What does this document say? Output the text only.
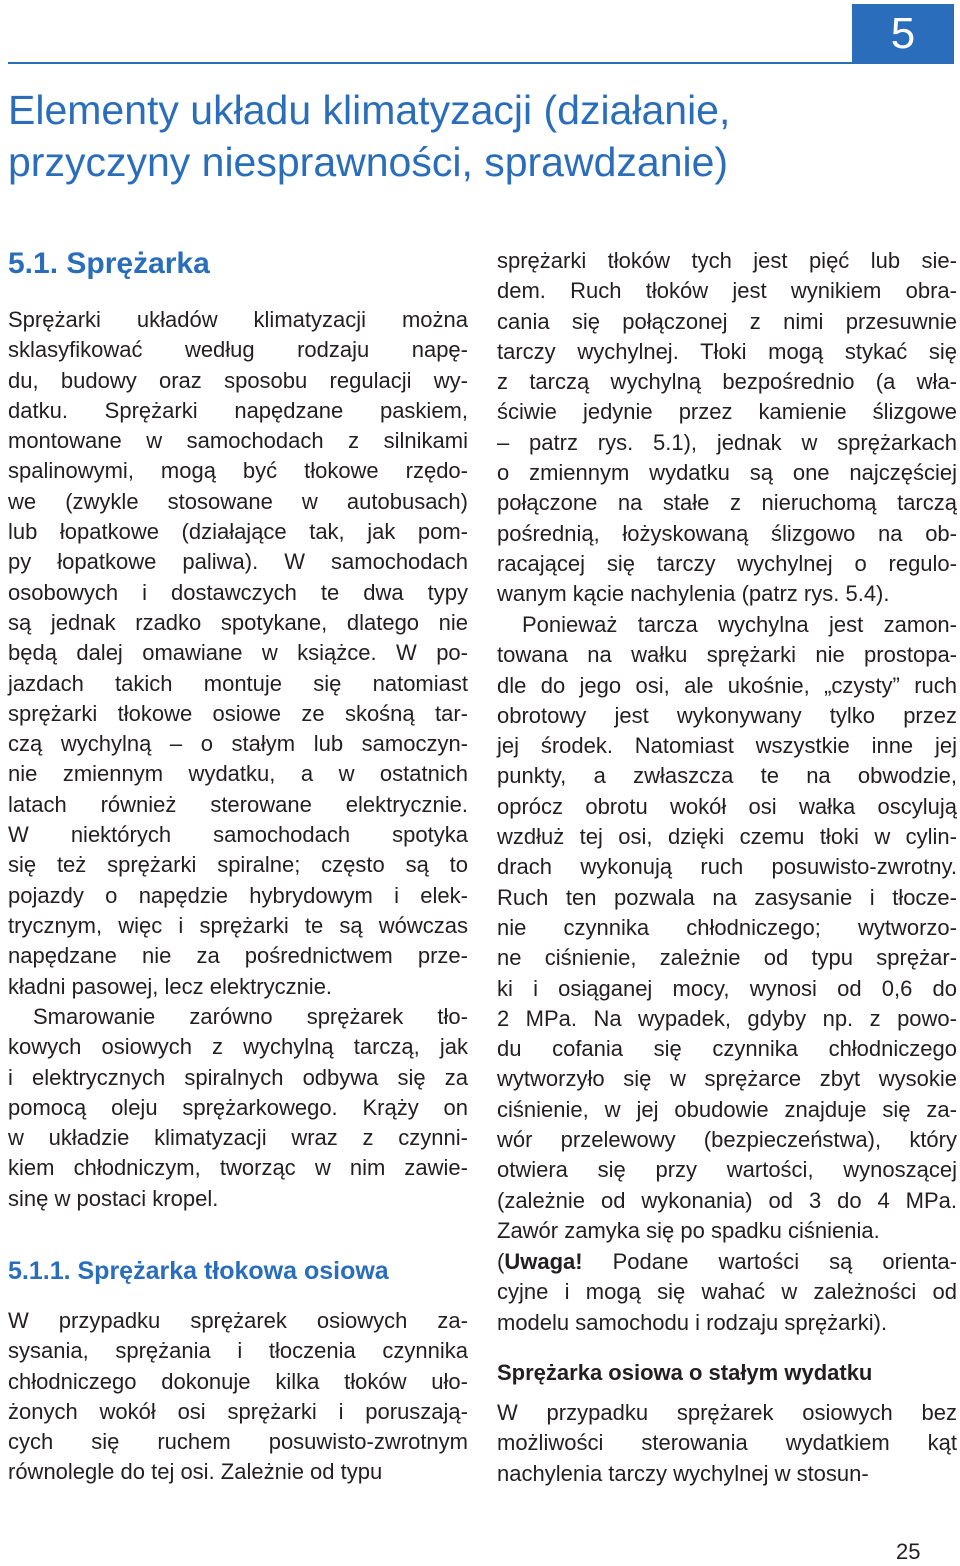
5
Elementy układu klimatyzacji (działanie,
przyczyny niesprawności, sprawdzanie)
5.1. Sprężarka
Sprężarki układów klimatyzacji można
sklasyfikować według rodzaju napę-
du, budowy oraz sposobu regulacji wy-
datku. Sprężarki napędzane paskiem,
montowane w samochodach z silnikami
spalinowymi, mogą być tłokowe rzędo-
we (zwykle stosowane w autobusach)
lub łopatkowe (działające tak, jak pom-
py łopatkowe paliwa). W samochodach
osobowych i dostawczych te dwa typy
są jednak rzadko spotykane, dlatego nie
będą dalej omawiane w książce. W po-
jazdach takich montuje się natomiast
sprężarki tłokowe osiowe ze skośną tar-
czą wychylną – o stałym lub samoczyn-
nie zmiennym wydatku, a w ostatnich
latach również sterowane elektrycznie.
W niektórych samochodach spotyka
się też sprężarki spiralne; często są to
pojazdy o napędzie hybrydowym i elek-
trycznym, więc i sprężarki te są wówczas
napędzane nie za pośrednictwem prze-
kładni pasowej, lecz elektrycznie.
Smarowanie zarówno sprężarek tło-
kowych osiowych z wychylną tarczą, jak
i elektrycznych spiralnych odbywa się za
pomocą oleju sprężarkowego. Krąży on
w układzie klimatyzacji wraz z czynni-
kiem chłodniczym, tworząc w nim zawie-
sinę w postaci kropel.
5.1.1. Sprężarka tłokowa osiowa
W przypadku sprężarek osiowych za-
sysania, sprężania i tłoczenia czynnika
chłodniczego dokonuje kilka tłoków uło-
żonych wokół osi sprężarki i poruszają-
cych się ruchem posuwisto-zwrotnym
równolegle do tej osi. Zależnie od typu
sprężarki tłoków tych jest pięć lub sie-
dem. Ruch tłoków jest wynikiem obra-
cania się połączonej z nimi przesuwnie
tarczy wychylnej. Tłoki mogą stykać się
z tarczą wychylną bezpośrednio (a wła-
ściwie jedynie przez kamienie ślizgowe
– patrz rys. 5.1), jednak w sprężarkach
o zmiennym wydatku są one najczęściej
połączone na stałe z nieruchomą tarczą
pośrednią, łożyskowaną ślizgowo na ob-
racającej się tarczy wychylnej o regulo-
wanym kącie nachylenia (patrz rys. 5.4).
Ponieważ tarcza wychylna jest zamon-
towana na wałku sprężarki nie prostopa-
dle do jego osi, ale ukośnie, „czysty” ruch
obrotowy jest wykonywany tylko przez
jej środek. Natomiast wszystkie inne jej
punkty, a zwłaszcza te na obwodzie,
oprócz obrotu wokół osi wałka oscylują
wzdłuż tej osi, dzięki czemu tłoki w cylin-
drach wykonują ruch posuwisto-zwrotny.
Ruch ten pozwala na zasysanie i tłocze-
nie czynnika chłodniczego; wytworzo-
ne ciśnienie, zależnie od typu sprężar-
ki i osiąganej mocy, wynosi od 0,6 do
2 MPa. Na wypadek, gdyby np. z powo-
du cofania się czynnika chłodniczego
wytworzyło się w sprężarce zbyt wysokie
ciśnienie, w jej obudowie znajduje się za-
wór przelewowy (bezpieczeństwa), który
otwiera się przy wartości, wynoszącej
(zależnie od wykonania) od 3 do 4 MPa.
Zawór zamyka się po spadku ciśnienia.
(Uwaga! Podane wartości są orienta-
cyjne i mogą się wahać w zależności od
modelu samochodu i rodzaju sprężarki).
Sprężarka osiowa o stałym wydatku
W przypadku sprężarek osiowych bez
możliwości sterowania wydatkiem kąt
nachylenia tarczy wychylnej w stosun-
25
